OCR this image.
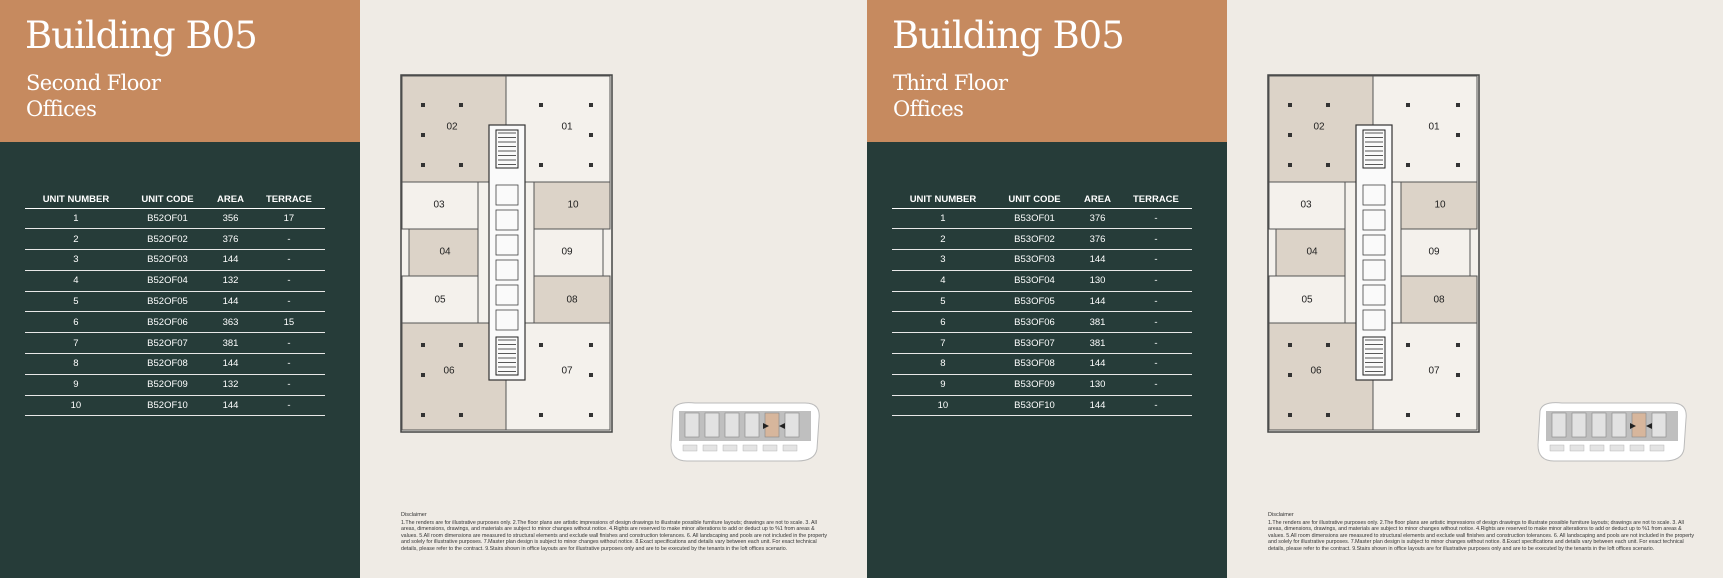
Building B05
Second Floor
Offices
UNIT NUMBER	UNIT CODE	AREA	TERRACE
1	B52OF01	356	17
2	B52OF02	376	-
3	B52OF03	144	-
4	B52OF04	132	-
5	B52OF05	144	-
6	B52OF06	363	15
7	B52OF07	381	-
8	B52OF08	144	-
9	B52OF09	132	-
10	B52OF10	144	-
02	01
03	10
04	09
05	08
06	07
Disclaimer
1.The renders are for illustrative purposes only. 2.The floor plans are artistic impressions of design drawings to illustrate possible furniture layouts; drawings are not to scale. 3. All areas, dimensions, drawings, and materials are subject to minor changes without notice. 4.Rights are reserved to make minor alterations to add or deduct up to %1 from areas & values. 5.All room dimensions are measured to structural elements and exclude wall finishes and construction tolerances. 6. All landscaping and pools are not included in the property and solely for illustrative purposes. 7.Master plan design is subject to minor changes without notice. 8.Exact specifications and details vary between each unit. For exact technical details, please refer to the contract. 9.Stairs shown in office layouts are for illustrative purposes only and are to be executed by the tenants in the loft offices scenario.
Building B05
Third Floor
Offices
UNIT NUMBER	UNIT CODE	AREA	TERRACE
1	B53OF01	376	-
2	B53OF02	376	-
3	B53OF03	144	-
4	B53OF04	130	-
5	B53OF05	144	-
6	B53OF06	381	-
7	B53OF07	381	-
8	B53OF08	144	-
9	B53OF09	130	-
10	B53OF10	144	-
02	01
03	10
04	09
05	08
06	07
Disclaimer
1.The renders are for illustrative purposes only. 2.The floor plans are artistic impressions of design drawings to illustrate possible furniture layouts; drawings are not to scale. 3. All areas, dimensions, drawings, and materials are subject to minor changes without notice. 4.Rights are reserved to make minor alterations to add or deduct up to %1 from areas & values. 5.All room dimensions are measured to structural elements and exclude wall finishes and construction tolerances. 6. All landscaping and pools are not included in the property and solely for illustrative purposes. 7.Master plan design is subject to minor changes without notice. 8.Exact specifications and details vary between each unit. For exact technical details, please refer to the contract. 9.Stairs shown in office layouts are for illustrative purposes only and are to be executed by the tenants in the loft offices scenario.
